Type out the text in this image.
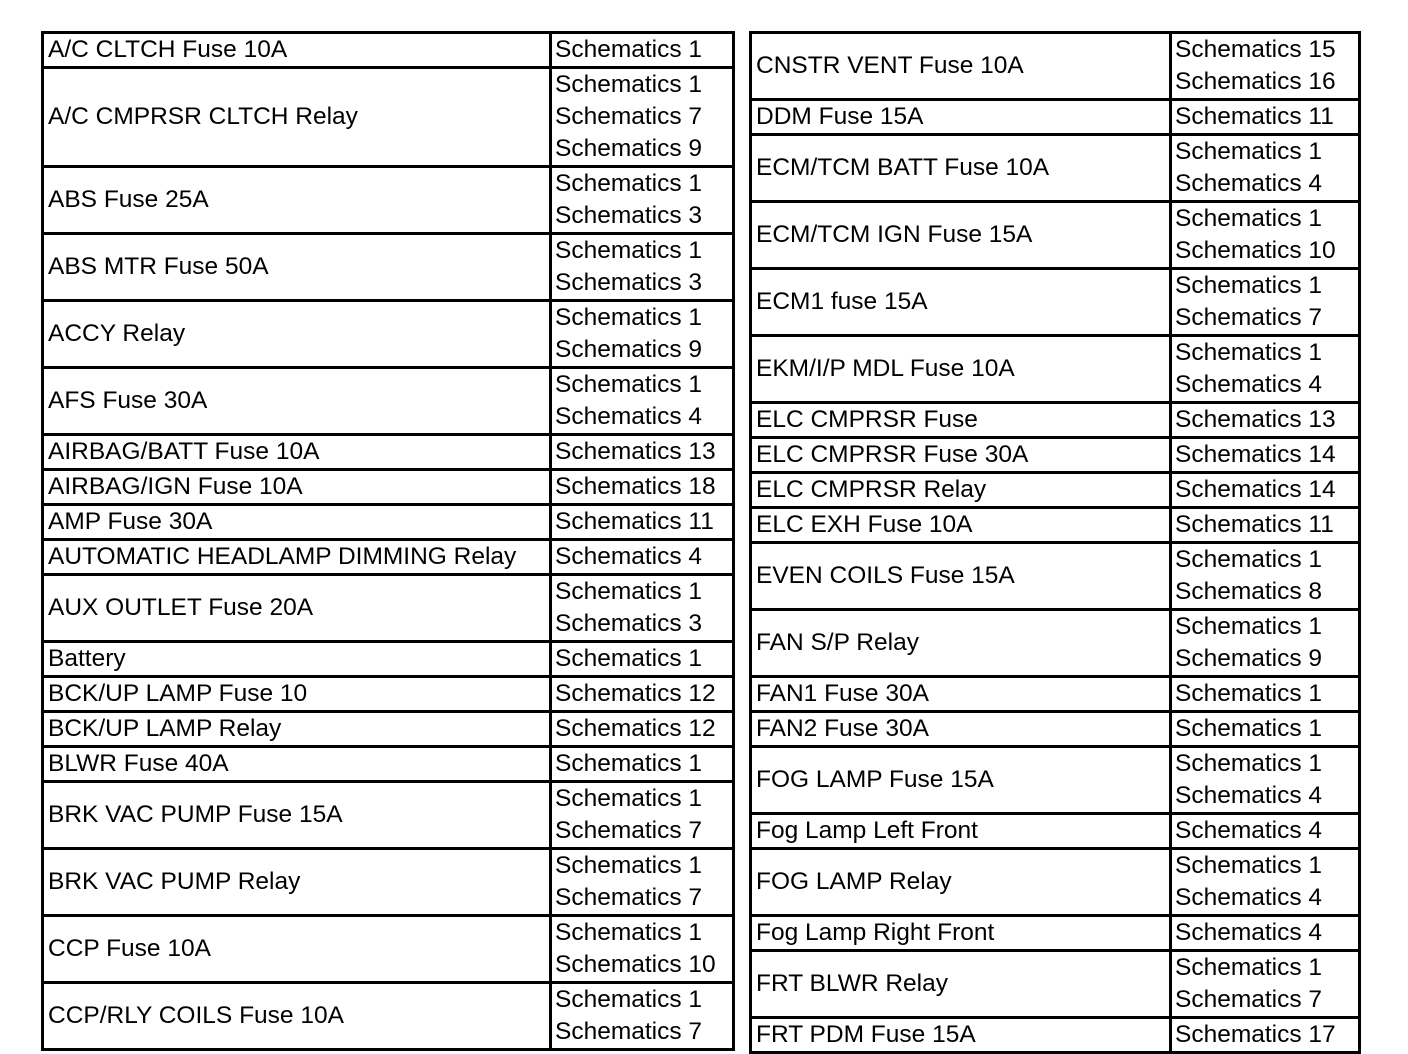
A/C CLTCH Fuse 10A	Schematics 1

A/C CMPRSR CLTCH Relay	Schematics 1
Schematics 7
Schematics 9

ABS Fuse 25A	Schematics 1
Schematics 3

ABS MTR Fuse 50A	Schematics 1
Schematics 3

ACCY Relay	Schematics 1
Schematics 9

AFS Fuse 30A	Schematics 1
Schematics 4

AIRBAG/BATT Fuse 10A	Schematics 13

AIRBAG/IGN Fuse 10A	Schematics 18

AMP Fuse 30A	Schematics 11

AUTOMATIC HEADLAMP DIMMING Relay	Schematics 4

AUX OUTLET Fuse 20A	Schematics 1
Schematics 3

Battery	Schematics 1

BCK/UP LAMP Fuse 10	Schematics 12

BCK/UP LAMP Relay	Schematics 12

BLWR Fuse 40A	Schematics 1

BRK VAC PUMP Fuse 15A	Schematics 1
Schematics 7

BRK VAC PUMP Relay	Schematics 1
Schematics 7

CCP Fuse 10A	Schematics 1
Schematics 10

CCP/RLY COILS Fuse 10A	Schematics 1
Schematics 7
CNSTR VENT Fuse 10A	Schematics 15
Schematics 16

DDM Fuse 15A	Schematics 11

ECM/TCM BATT Fuse 10A	Schematics 1
Schematics 4

ECM/TCM IGN Fuse 15A	Schematics 1
Schematics 10

ECM1 fuse 15A	Schematics 1
Schematics 7

EKM/I/P MDL Fuse 10A	Schematics 1
Schematics 4

ELC CMPRSR Fuse	Schematics 13

ELC CMPRSR Fuse 30A	Schematics 14

ELC CMPRSR Relay	Schematics 14

ELC EXH Fuse 10A	Schematics 11

EVEN COILS Fuse 15A	Schematics 1
Schematics 8

FAN S/P Relay	Schematics 1
Schematics 9

FAN1 Fuse 30A	Schematics 1

FAN2 Fuse 30A	Schematics 1

FOG LAMP Fuse 15A	Schematics 1
Schematics 4

Fog Lamp Left Front	Schematics 4

FOG LAMP Relay	Schematics 1
Schematics 4

Fog Lamp Right Front	Schematics 4

FRT BLWR Relay	Schematics 1
Schematics 7

FRT PDM Fuse 15A	Schematics 17
